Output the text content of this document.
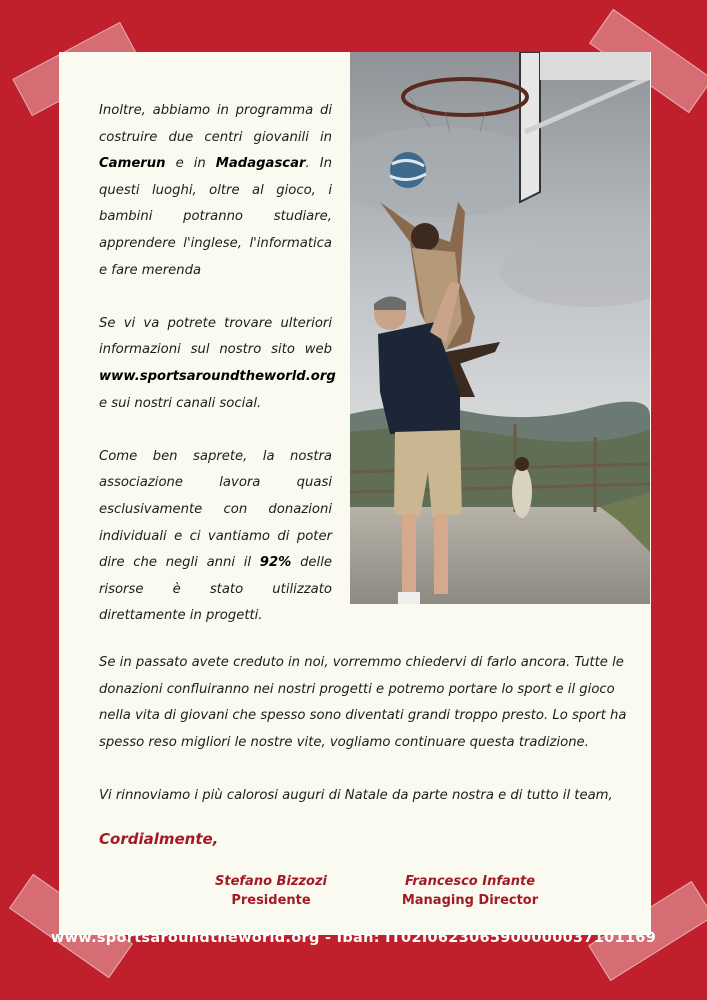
Inoltre, abbiamo in programma di costruire due centri giovanili in Camerun e in Madagascar. In questi luoghi, oltre al gioco, i bambini potranno studiare, apprendere l'inglese, l'informatica e fare merenda

Se vi va potrete trovare ulteriori informazioni sul nostro sito web www.sportsaroundtheworld.org e sui nostri canali social.

Come ben saprete, la nostra associazione lavora quasi esclusivamente con donazioni individuali e ci vantiamo di poter dire che negli anni il 92% delle risorse è stato utilizzato direttamente in progetti.

Se in passato avete creduto in noi, vorremmo chiedervi di farlo ancora. Tutte le donazioni confluiranno nei nostri progetti e potremo portare lo sport e il gioco nella vita di giovani che spesso sono diventati grandi troppo presto. Lo sport ha spesso reso migliori le nostre vite, vogliamo continuare questa tradizione.

Vi rinnoviamo i più calorosi auguri di Natale da parte nostra e di tutto il team,

Cordialmente,
Stefano Bizzozi
Presidente
Francesco Infante
Managing Director
www.sportsaroundtheworld.org - Iban: IT02I0623065900000037101169
